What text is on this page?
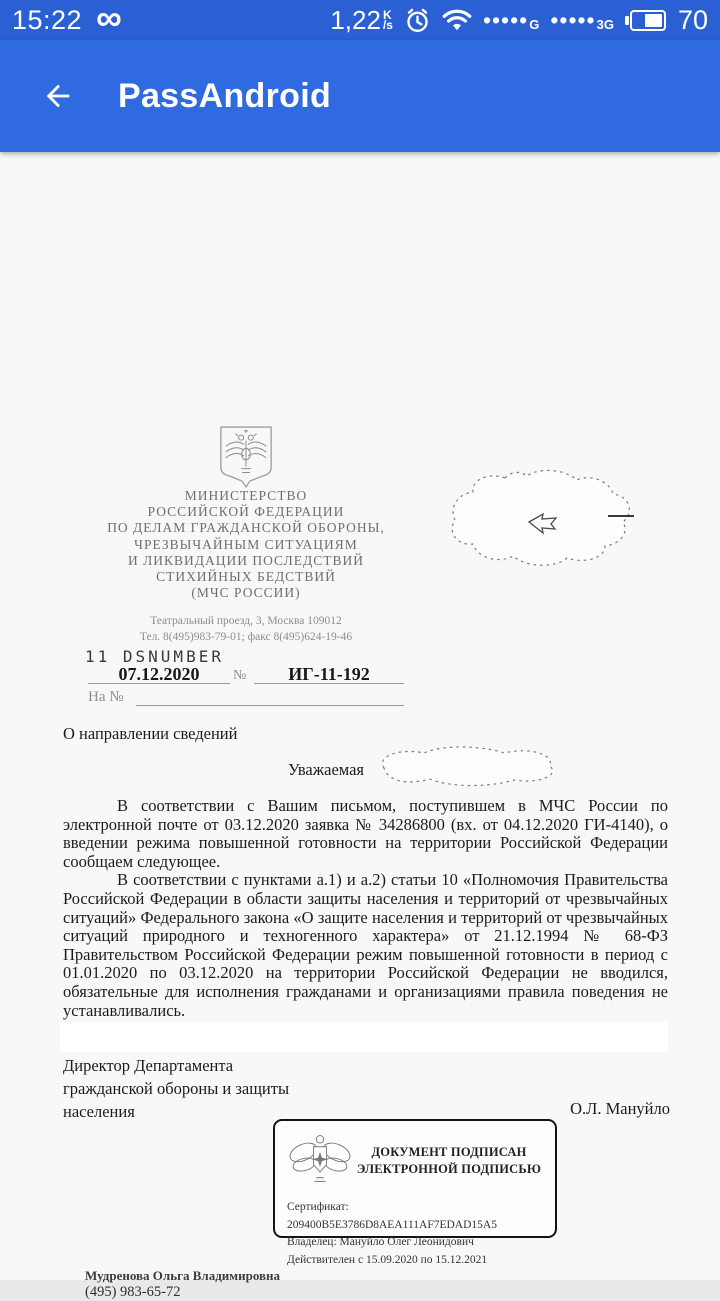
15:22 ∞	1,22 K
/s	••••• G ••••• 3G 70
PassAndroid
МИНИСТЕРСТВО
РОССИЙСКОЙ ФЕДЕРАЦИИ
ПО ДЕЛАМ ГРАЖДАНСКОЙ ОБОРОНЫ,
ЧРЕЗВЫЧАЙНЫМ СИТУАЦИЯМ
И ЛИКВИДАЦИИ ПОСЛЕДСТВИЙ
СТИХИЙНЫХ БЕДСТВИЙ
(МЧС РОССИИ)
Театральный проезд, 3, Москва 109012
Тел. 8(495)983-79-01; факс 8(495)624-19-46
11 DSNUMBER
07.12.2020	№	ИГ-11-192
На №
О направлении сведений
Уважаемая

В соответствии с Вашим письмом, поступившем в МЧС России по электронной почте от 03.12.2020 заявка № 34286800 (вх. от 04.12.2020 ГИ-4140), о введении режима повышенной готовности на территории Российской Федерации сообщаем следующее.

В соответствии с пунктами а.1) и а.2) статьи 10 «Полномочия Правительства Российской Федерации в области защиты населения и территорий от чрезвычайных ситуаций» Федерального закона «О защите населения и территорий от чрезвычайных ситуаций природного и техногенного характера» от 21.12.1994 № 68-ФЗ Правительством Российской Федерации режим повышенной готовности в период с 01.01.2020 по 03.12.2020 на территории Российской Федерации не вводился, обязательные для исполнения гражданами и организациями правила поведения не устанавливались.

Директор Департамента
гражданской обороны и защиты
населения	О.Л. Мануйло
ДОКУМЕНТ ПОДПИСАН
ЭЛЕКТРОННОЙ ПОДПИСЬЮ
Сертификат: 209400B5E3786D8AEA111AF7EDAD15A5
Владелец: Мануйло Олег Леонидович
Действителен с 15.09.2020 по 15.12.2021
Мудренова Ольга Владимировна
(495) 983-65-72
